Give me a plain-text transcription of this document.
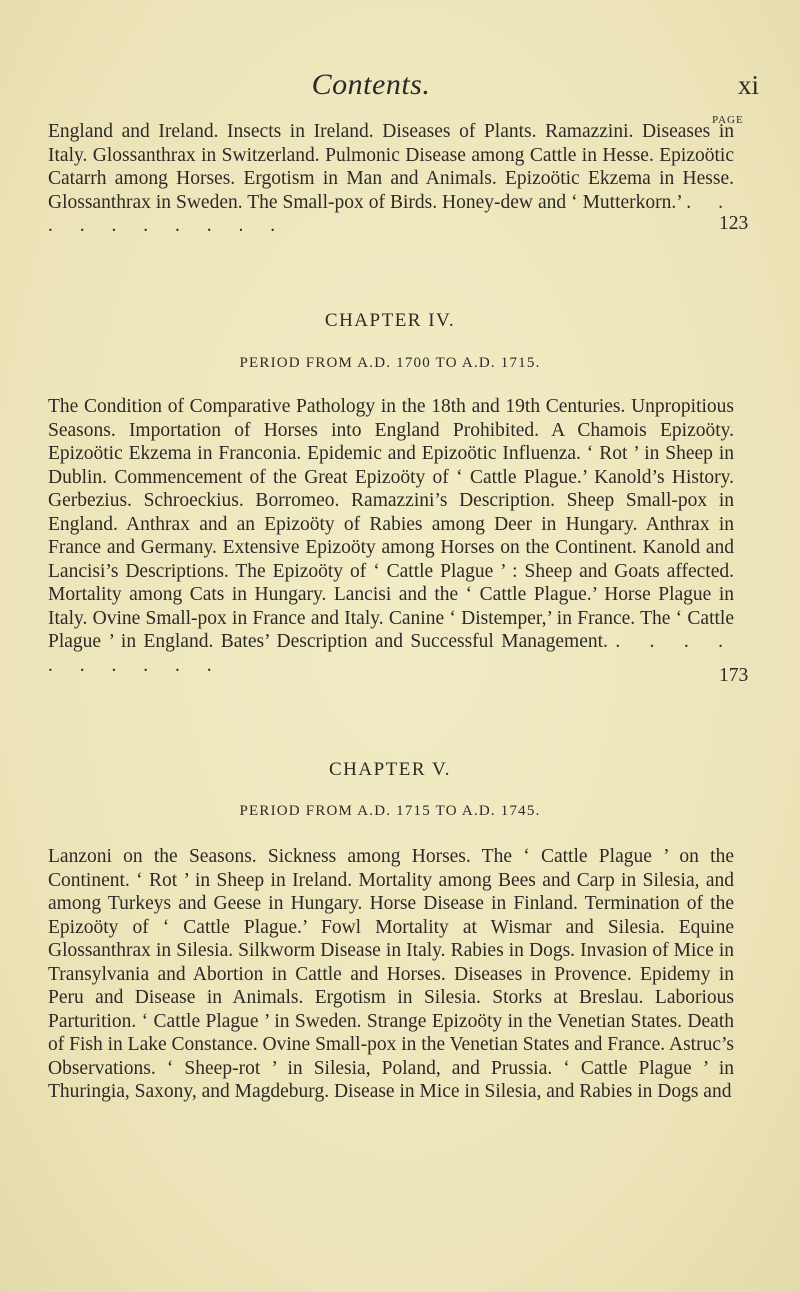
Contents.	xi
PAGE
England and Ireland. Insects in Ireland. Diseases of Plants. Ramazzini. Diseases in Italy. Glossanthrax in Switzerland. Pulmonic Disease among Cattle in Hesse. Epizoötic Catarrh among Horses. Ergotism in Man and Animals. Epizoötic Ekzema in Hesse. Glossanthrax in Sweden. The Small-pox of Birds. Honey-dew and ‘ Mutterkorn.’ . . . . . . . . . .	123
CHAPTER IV.
PERIOD FROM A.D. 1700 TO A.D. 1715.
The Condition of Comparative Pathology in the 18th and 19th Centuries. Unpropitious Seasons. Importation of Horses into England Prohibited. A Chamois Epizoöty. Epizoötic Ekzema in Franconia. Epidemic and Epizoötic Influenza. ‘ Rot ’ in Sheep in Dublin. Commencement of the Great Epizoöty of ‘ Cattle Plague.’ Kanold’s History. Gerbezius. Schroeckius. Borromeo. Ramazzini’s Description. Sheep Small-pox in England. Anthrax and an Epizoöty of Rabies among Deer in Hungary. Anthrax in France and Germany. Extensive Epizoöty among Horses on the Continent. Kanold and Lancisi’s Descriptions. The Epizoöty of ‘ Cattle Plague ’ : Sheep and Goats affected. Mortality among Cats in Hungary. Lancisi and the ‘ Cattle Plague.’ Horse Plague in Italy. Ovine Small-pox in France and Italy. Canine ‘ Distemper,’ in France. The ‘ Cattle Plague ’ in England. Bates’ Description and Successful Management. . . . . . . . . . .	173
CHAPTER V.
PERIOD FROM A.D. 1715 TO A.D. 1745.
Lanzoni on the Seasons. Sickness among Horses. The ‘ Cattle Plague ’ on the Continent. ‘ Rot ’ in Sheep in Ireland. Mortality among Bees and Carp in Silesia, and among Turkeys and Geese in Hungary. Horse Disease in Finland. Termination of the Epizoöty of ‘ Cattle Plague.’ Fowl Mortality at Wismar and Silesia. Equine Glossanthrax in Silesia. Silkworm Disease in Italy. Rabies in Dogs. Invasion of Mice in Transylvania and Abortion in Cattle and Horses. Diseases in Provence. Epidemy in Peru and Disease in Animals. Ergotism in Silesia. Storks at Breslau. Laborious Parturition. ‘ Cattle Plague ’ in Sweden. Strange Epizoöty in the Venetian States. Death of Fish in Lake Constance. Ovine Small-pox in the Venetian States and France. Astruc’s Observations. ‘ Sheep-rot ’ in Silesia, Poland, and Prussia. ‘ Cattle Plague ’ in Thuringia, Saxony, and Magdeburg. Disease in Mice in Silesia, and Rabies in Dogs and
